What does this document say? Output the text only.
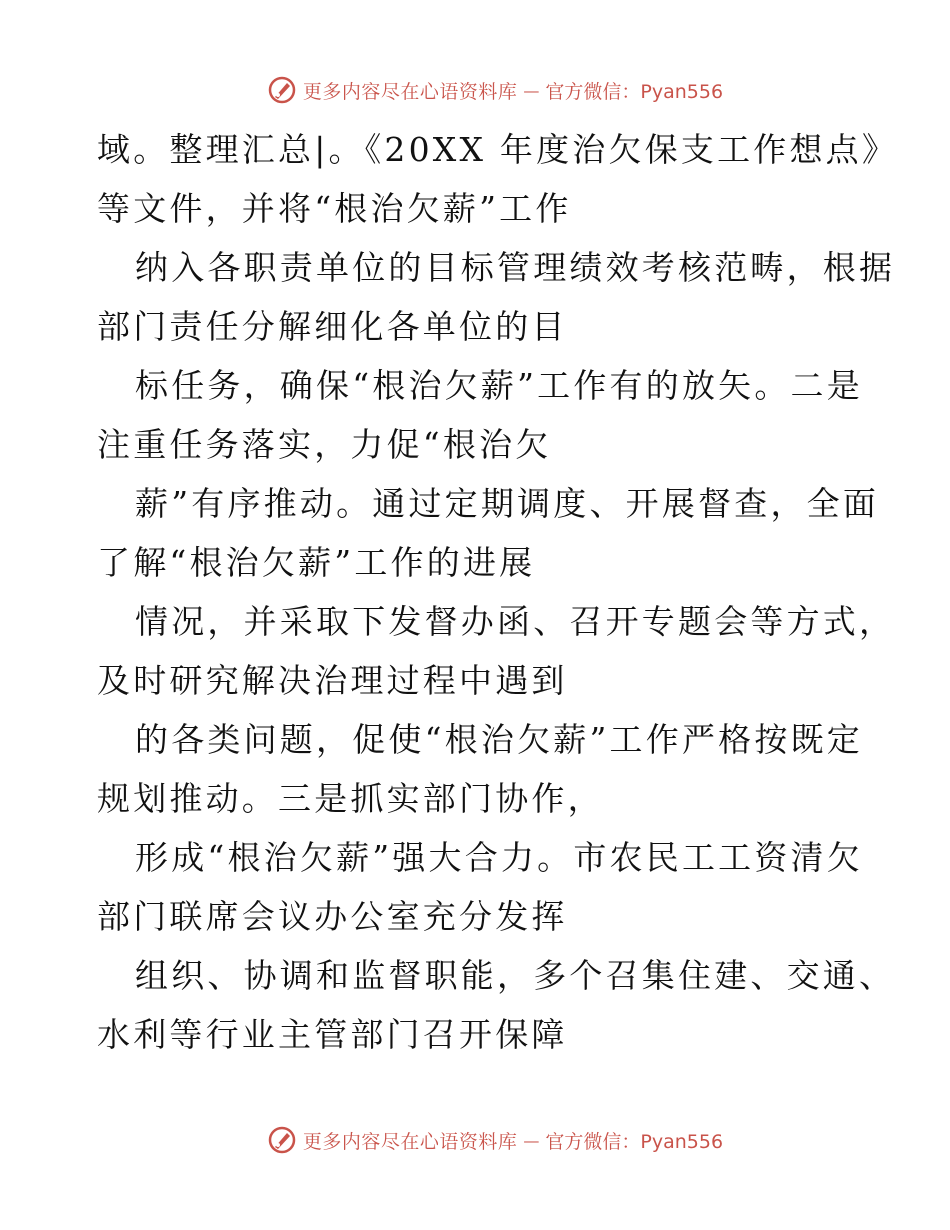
更多内容尽在心语资料库 — 官方微信：Pyan556
域。整理汇总|。《20XX 年度治欠保支工作想点》
等文件，并将“根治欠薪”工作
纳入各职责单位的目标管理绩效考核范畴，根据
部门责任分解细化各单位的目
标任务，确保“根治欠薪”工作有的放矢。二是
注重任务落实，力促“根治欠
薪”有序推动。通过定期调度、开展督查，全面
了解“根治欠薪”工作的进展
情况，并采取下发督办函、召开专题会等方式，
及时研究解决治理过程中遇到
的各类问题，促使“根治欠薪”工作严格按既定
规划推动。三是抓实部门协作，
形成“根治欠薪”强大合力。市农民工工资清欠
部门联席会议办公室充分发挥
组织、协调和监督职能，多个召集住建、交通、
水利等行业主管部门召开保障
更多内容尽在心语资料库 — 官方微信：Pyan556
